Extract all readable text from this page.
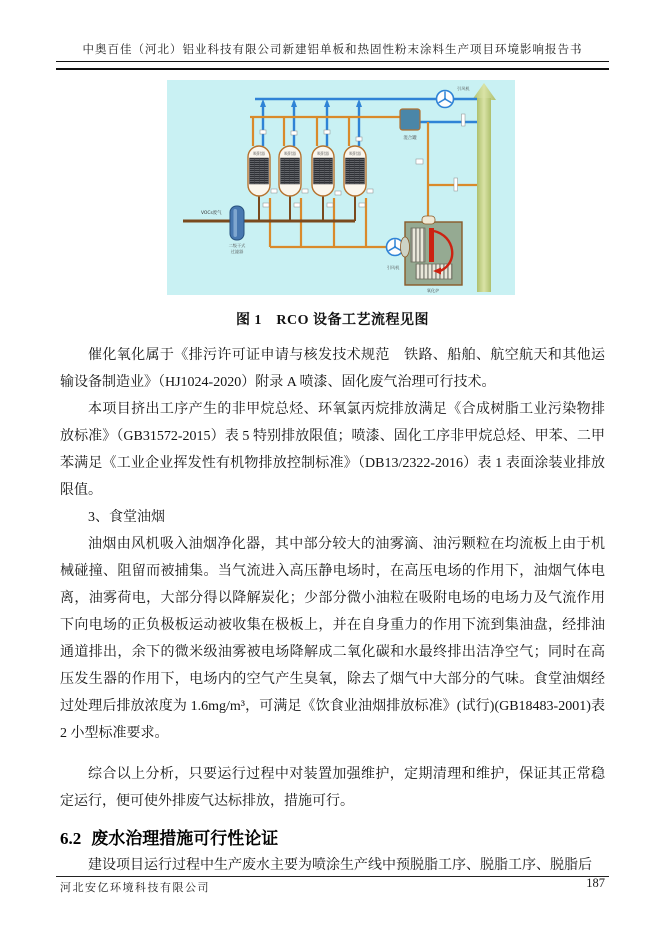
中奥百佳（河北）铝业科技有限公司新建铝单板和热固性粉末涂料生产项目环境影响报告书
混合罐
吸附器	吸附器	吸附器	吸附器
二级干式
过滤器
VOCs废气
引风机
引风机
氧化炉
图 1　RCO 设备工艺流程见图

催化氧化属于《排污许可证申请与核发技术规范　铁路、船舶、航空航天和其他运输设备制造业》（HJ1024-2020）附录 A 喷漆、固化废气治理可行技术。

本项目挤出工序产生的非甲烷总烃、环氧氯丙烷排放满足《合成树脂工业污染物排放标准》（GB31572-2015）表 5 特别排放限值；喷漆、固化工序非甲烷总烃、甲苯、二甲苯满足《工业企业挥发性有机物排放控制标准》（DB13/2322-2016）表 1 表面涂装业排放限值。

3、食堂油烟

油烟由风机吸入油烟净化器，其中部分较大的油雾滴、油污颗粒在均流板上由于机械碰撞、阻留而被捕集。当气流进入高压静电场时，在高压电场的作用下，油烟气体电离，油雾荷电，大部分得以降解炭化；少部分微小油粒在吸附电场的电场力及气流作用下向电场的正负极板运动被收集在极板上，并在自身重力的作用下流到集油盘，经排油通道排出，余下的微米级油雾被电场降解成二氧化碳和水最终排出洁净空气；同时在高压发生器的作用下，电场内的空气产生臭氧，除去了烟气中大部分的气味。食堂油烟经过处理后排放浓度为 1.6mg/m³，可满足《饮食业油烟排放标准》(试行)(GB18483-2001)表 2 小型标准要求。

综合以上分析，只要运行过程中对装置加强维护，定期清理和维护，保证其正常稳定运行，便可使外排废气达标排放，措施可行。

6.2 废水治理措施可行性论证

建设项目运行过程中生产废水主要为喷涂生产线中预脱脂工序、脱脂工序、脱脂后

河北安亿环境科技有限公司	187
